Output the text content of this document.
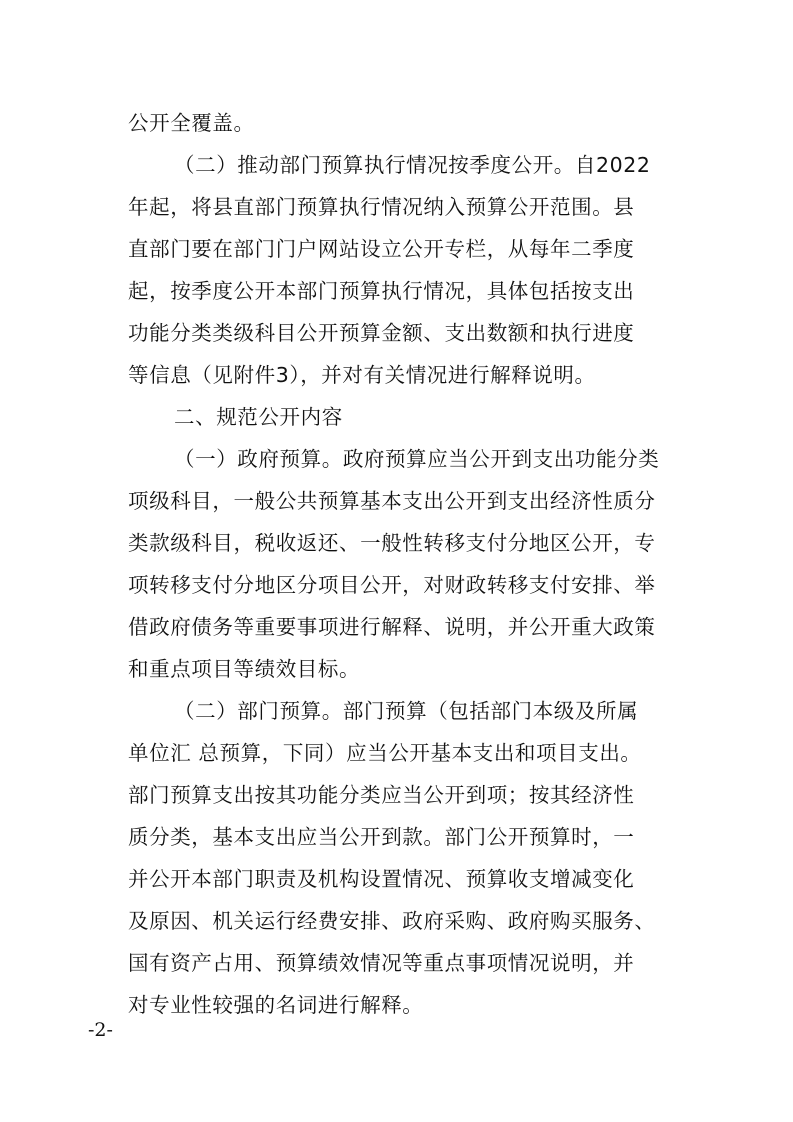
公开全覆盖。
（二）推动部门预算执行情况按季度公开。自2022
年起，将县直部门预算执行情况纳入预算公开范围。县
直部门要在部门门户网站设立公开专栏，从每年二季度
起，按季度公开本部门预算执行情况，具体包括按支出
功能分类类级科目公开预算金额、支出数额和执行进度
等信息（见附件3），并对有关情况进行解释说明。
二、规范公开内容
（一）政府预算。政府预算应当公开到支出功能分类
项级科目，一般公共预算基本支出公开到支出经济性质分
类款级科目，税收返还、一般性转移支付分地区公开，专
项转移支付分地区分项目公开，对财政转移支付安排、举
借政府债务等重要事项进行解释、说明，并公开重大政策
和重点项目等绩效目标。
（二）部门预算。部门预算（包括部门本级及所属
单位汇 总预算，下同）应当公开基本支出和项目支出。
部门预算支出按其功能分类应当公开到项；按其经济性
质分类，基本支出应当公开到款。部门公开预算时，一
并公开本部门职责及机构设置情况、预算收支增减变化
及原因、机关运行经费安排、政府采购、政府购买服务、
国有资产占用、预算绩效情况等重点事项情况说明，并
对专业性较强的名词进行解释。
-2-
